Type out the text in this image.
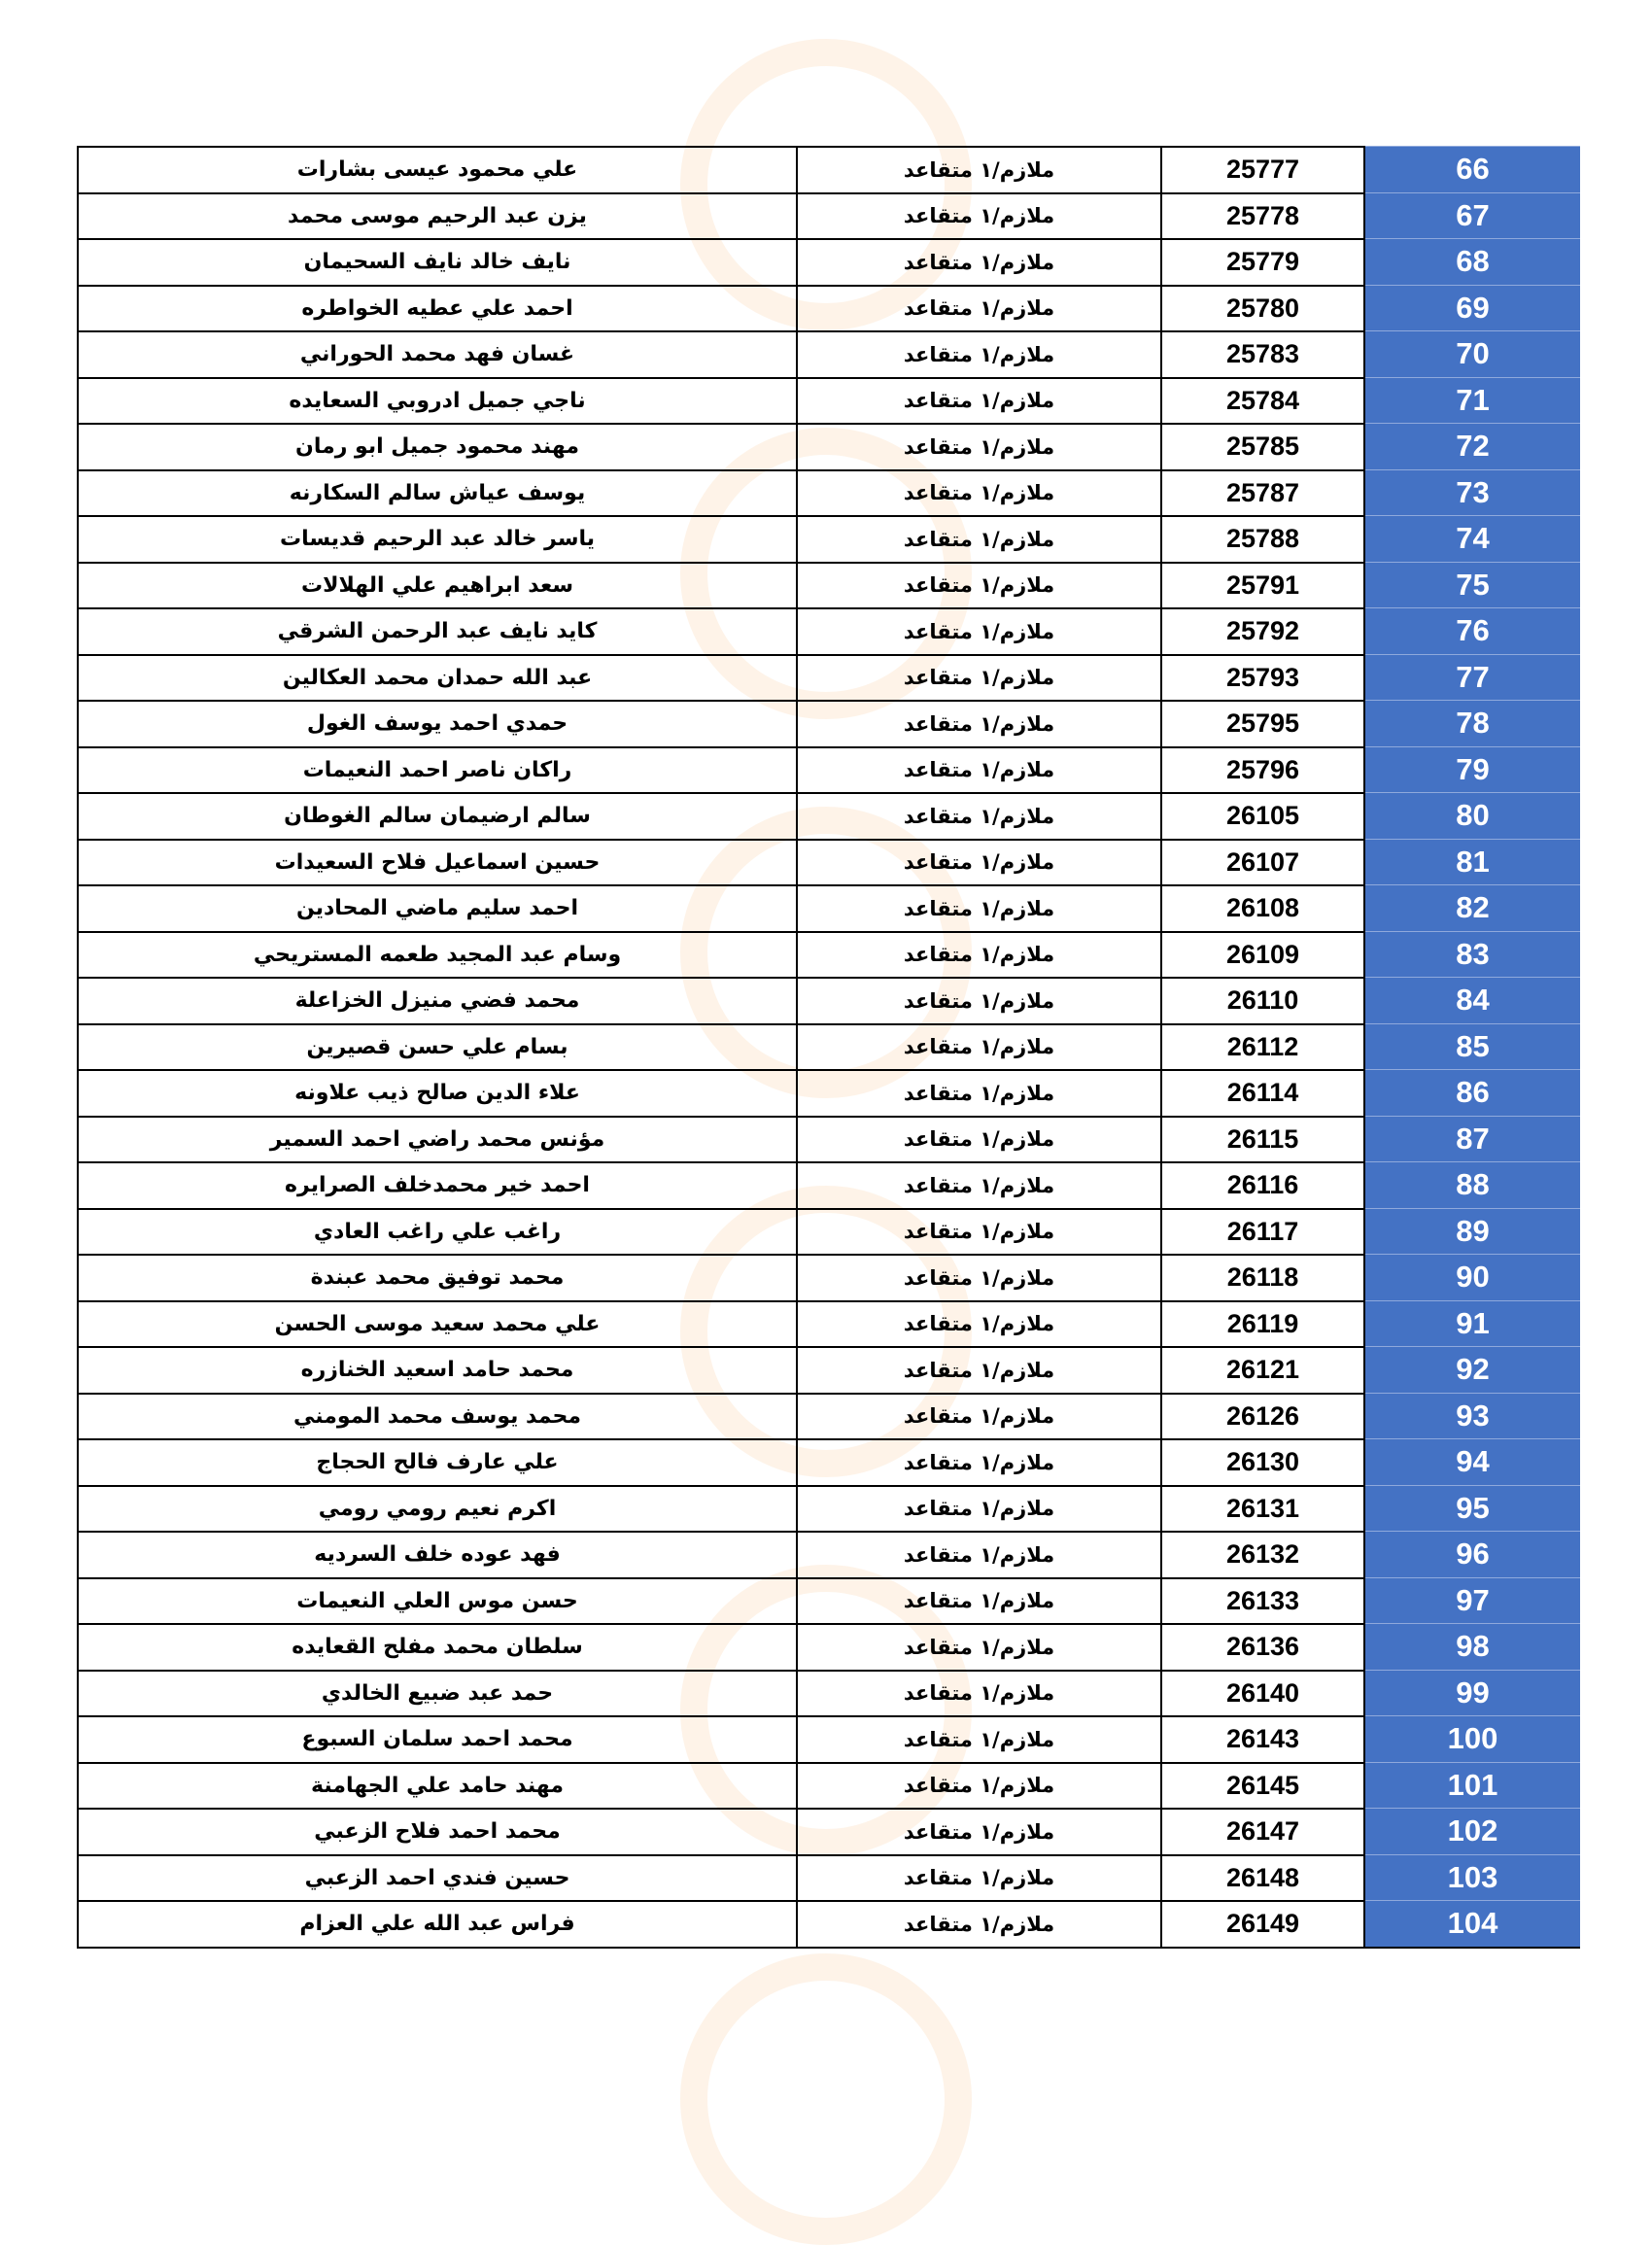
علي محمود عيسى بشارات	ملازم/١ متقاعد	25777	66
يزن عبد الرحيم موسى محمد	ملازم/١ متقاعد	25778	67
نايف خالد نايف السحيمان	ملازم/١ متقاعد	25779	68
احمد علي عطيه الخواطره	ملازم/١ متقاعد	25780	69
غسان فهد محمد الحوراني	ملازم/١ متقاعد	25783	70
ناجي جميل ادروبي السعايده	ملازم/١ متقاعد	25784	71
مهند محمود جميل ابو رمان	ملازم/١ متقاعد	25785	72
يوسف عياش سالم السكارنه	ملازم/١ متقاعد	25787	73
ياسر خالد عبد الرحيم قديسات	ملازم/١ متقاعد	25788	74
سعد ابراهيم علي الهلالات	ملازم/١ متقاعد	25791	75
كايد نايف عبد الرحمن الشرقي	ملازم/١ متقاعد	25792	76
عبد الله حمدان محمد العكالين	ملازم/١ متقاعد	25793	77
حمدي احمد يوسف الغول	ملازم/١ متقاعد	25795	78
راكان ناصر احمد النعيمات	ملازم/١ متقاعد	25796	79
سالم ارضيمان سالم الغوطان	ملازم/١ متقاعد	26105	80
حسين اسماعيل فلاح السعيدات	ملازم/١ متقاعد	26107	81
احمد سليم ماضي المحادين	ملازم/١ متقاعد	26108	82
وسام عبد المجيد طعمه المستريحي	ملازم/١ متقاعد	26109	83
محمد فضي منيزل الخزاعلة	ملازم/١ متقاعد	26110	84
بسام علي حسن قصيرين	ملازم/١ متقاعد	26112	85
علاء الدين صالح ذيب علاونه	ملازم/١ متقاعد	26114	86
مؤنس محمد راضي احمد السمير	ملازم/١ متقاعد	26115	87
احمد خير محمدخلف الصرايره	ملازم/١ متقاعد	26116	88
راغب علي راغب العادي	ملازم/١ متقاعد	26117	89
محمد توفيق محمد عبندة	ملازم/١ متقاعد	26118	90
علي محمد سعيد موسى الحسن	ملازم/١ متقاعد	26119	91
محمد حامد اسعيد الخنازره	ملازم/١ متقاعد	26121	92
محمد يوسف محمد المومني	ملازم/١ متقاعد	26126	93
علي عارف فالح الحجاج	ملازم/١ متقاعد	26130	94
اكرم نعيم رومي رومي	ملازم/١ متقاعد	26131	95
فهد عوده خلف السرديه	ملازم/١ متقاعد	26132	96
حسن موس العلي النعيمات	ملازم/١ متقاعد	26133	97
سلطان محمد مفلح القعايده	ملازم/١ متقاعد	26136	98
حمد عبد ضبيع الخالدي	ملازم/١ متقاعد	26140	99
محمد احمد سلمان السبوع	ملازم/١ متقاعد	26143	100
مهند حامد علي الجهامنة	ملازم/١ متقاعد	26145	101
محمد احمد فلاح الزعبي	ملازم/١ متقاعد	26147	102
حسين فندي احمد الزعبي	ملازم/١ متقاعد	26148	103
فراس عبد الله علي العزام	ملازم/١ متقاعد	26149	104
